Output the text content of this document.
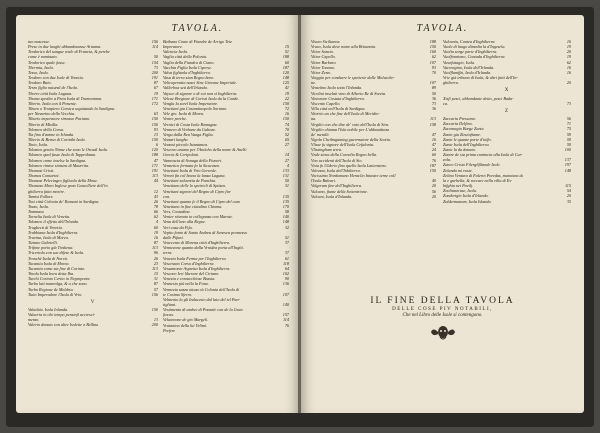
TAVOLA.
tuo nascesse.	156
Prese in due luoghi abbandonasse Arianna.	114
Teodorico del sangue reale di Francia, & perche
come è nominato.	50
Teodorico quale fusse.	154
Thermia, Isola.	73
Tesso, Isola.	200
Teodoro con due Isole di Venetia.	191
Teodoro Baio.	87
Terzo figlio natural de l'Isola.	67
Thorre città Isola Laguna.	19
Thoma spedito a Pieta Isola di Tramontana.	171
Tiberio. Isola con il Ponente.	172
Tiburo o Tronpiero Corsica seguitando la Sardigna.
per Navarino della Vecchia.	63
Tiburio imperatore rimosso Paciano.	150
Tiberio di Misilla.	150
Tolomeo della Corsa.	93
Tia fino d'anime in Irlanda.	13
Tiberio & Benso di Corinthi Isola.	150
Tinio, Isola.	6
Tolomeo genito Ninne che sono le Orcadi Isola.	120
Tolomeo qual fusse Isola di Tapprobana.	188
Tolomeo come inselse la Sardigna.	47
Tolomeo rimise sinistra di Maurrita.	171
Thomasi Cristi.	191
Thomas Contarini.	113
Thomasi Pelecingro figliuolo della Mone.	44
Thomaso Moro Inglese gran Cancelliere dell'in
ghilterra fatto morire.	12
Tamisi Fallorz.	43
Tosi città Colonia de' Romani in Sardigna.	26
Tozzo, Isola.	78
Tommaso	66
Tornelia Isola di Venetia.	62
Tolomeo il effetto dell'Irlanda.	4
Tragbecti di Venetia.	60
Trabbiana Isola d'Inghilterra.	19
Travina, Isola di Morea.	16
Tiziano Gabrielli.	87
Trifone porto già Trisbena.	113
Tricertola con sue difese & Isola.	96
Tronchè Isola di Norvà.	26
Tucantia Isola di Morea.	23
Tucantia come sia fine di Corinto.	113
Tinola Isola bora detta Iba.	15
Turchi Corinto Cerito in Negroponte.	31
Turbo lati manvolga, & a che sono.	87
Turbo Regione de Moldria.	57
Tutto Imperadore l'Isola di Vrio.	156
V
Valacbia. Isola Iolanda.	150
Valacria in che tempo pensinfi accresci-
mento.	13
Valerio donato con altre Isolette o Bellina	200
Baibano Conte di Fiandre de Arrigo Tetz
Imperatore.	15
Valencia Isola.	51
Vaglia città della Polonia.	188
Vaglia della Fiandra di Ciano.	60
Vacchia Figlia Isola Ciprese.	187
Valsa figliuola d'Inghilterra.	120
Vasa di terra sian Regno bene.	148
Velicoprontia nasci Sine Giovane Imperiale.	125
Vallerboa seà dell'Irlanda.	41
Vaysce di signore o di cui non sì Inghilterra.	19
Velcae Bregione di Coristi Isola da la Conde.	22
Vengla la sorel Isola Imperatore.	150
Venetiani gia Costantinopolo Soriano.	72
Vele gio. Isola di Morea.	16
Ventre perche.	150
Vernici di Costa Isola Romagna.	74
Vennero di Verbane da Galtoze.	70
Verga dalla Rea Vauga Figlia.	52
Vezzari lunghe.	65
Vezzosi piccolo Istantanea.	27
Vescovo unamo per l'Anticho della nome & Anelli
Grecia & Ceripolani.	14
Vannoscia di Sonaga della Fiuneri.	27
Vennetico fermata fa la Sicurezza.	4
Venetiani Isola di Vrio Gerresle.	133
Veroni fin col beaso la lanza Laguna.	131
Venetiani soluentia de Panchia.	50
Venetiano delle lo spetricli di Spitzen.	31
Venetiani signori del Regno di Cipro fia-
con.	135
Venetiani quanto fe il Regno di Cipro del cum	135
Venetiano in fine cittadino Chioma.	170
Vers, Costadina.	58
Venier ritenuto in colleganza con Marote.	140
Vena dell'ano alla Regne.	148
Veri casa da Fifa.	32
Vepito fonto di Santo Andrea di Senesea promesso
dalle Pifani.	51
Venecemo di Morena città d'Inghilterra.	37
Vennezone quanto dalla Vrnidea porta all'Inglti.
terra.	37
Venezio Isola Ferma per l'Inghilterra.	61
Vescovato Corso d'Inghilterra.	118
Vessamonte Aspretta Isola d'Inghilterra.	64
Vescoeo Ieri liberare del Ciriano.	102
Venezia e cornacchiose Bassia.	90
Vennesio più nella la Fano.	136
Vennezia sazza ottuso tù Colonia dell'Isola di
te Cosimo Sferro.	107
Velmento la gli Inducesio dal lato del tel Pan-
tigliani.	140
Vestimento di ambee di Ponzale con de la Gran
fiocas.	157
Velaineone de gio Margeli.	114
Vraiantoo della lui Velimi.	76
Prefere
TAVOLA.
Visseo Sicilianea.	188
Vraso, Isola dove nome alla Britannia.	150
Vittor Sancto.	160
Vittor Capello.	62
Vittor Barbaro.	107
Vittor Tonano.	93
Vittor Zeno.	70
Viaggio per condurre le spetierie dalle Molucche-
ne.	107
Ventelmo Isola sotto l'Inlanda.	89
Vicolini inselati vino di Alberto Re di Svezia.	50
Vintorone Costata d'Inghilterra.	36
Viscento Capello.	73
Villa città nell'Isola di Sardigna.	36
Vitetrio un che fine dell'Isola di Meridio-
na.	113
Virgilio con che dire de' voto dell'Isola di Sira.	158
Virgilio chiama l'Isla nobile per L'abbondanza
de' metalli.	47
Vigola Cheilmgaming guevrnatore della Scotia.	16
Vlisse fu signore dell'Isola Cefalonia.	47
Vlissingham terra.	24
Vnde siena della Cornelio Regno bella.	60
Vno accidenti dell'Isola di Sio.	76
Vnia fu Ulderio fino quello Isola Latteratene.	187
Volonna, Isola dell'Inhilterra.	150
Vocissimo Nordomano Heraclio Iniastre terne coll'
l'Isola Baleari.	40
Volgeram fine dell'Inghilterra.	20
Vulcano, fiume della Settentrione.	56
Vulcani, Isola d'Inlanda.	20
Vulcania, Contea d'Inghilterra.	16
Vuole di lungo dimedia la d'Ingesela.	19
Vuolia sorge parte d'Inghilterra.	20
Vuolfonniono, Contada d'Inghilterra.	19
Vusofsitagio, Isola.	62
Vacrengino, Isola dell'Irlanda.	16
Vuolflamffzi, Isola d'Irlanda.	16
Vrie già tribuno di Isola, & altri fatti dell'In-
ghilterra.	20
X
Xisfi pesci, abbondante detto, pesci Bada-
ca.	73
Z
Zaccaria Prescano.	56
Zaccaria Delfino.	71
Zacomagio Burge Zante.	75
Zante gia Zinciafiame.	59
Zante le quante porte d'tolfo.	59
Zante Isola dell'Inghilterra.	59
Zante la da donata.	100
Zantre de sia prima comincia alla Isola di Cur-
zola.	137
Zanco Cristo Filerglifilande Isole.	197
Zelanda mi voste.	148
Zelina Ventura di Falerto Poredas, muratura de
la e garbella, & roccare nella villa di Es-
bifghia nei Pavilj.	115
Zoolianoruse, Isola.	54
Zonderigio Isola d'Irlanda.	20
Zuldermanum, Isola Islanda.	35
IL FINE DELLA TAVOLA
DELLE COSE PIV NOTABILI,
Che nel Libro delle Isole si contengono.
